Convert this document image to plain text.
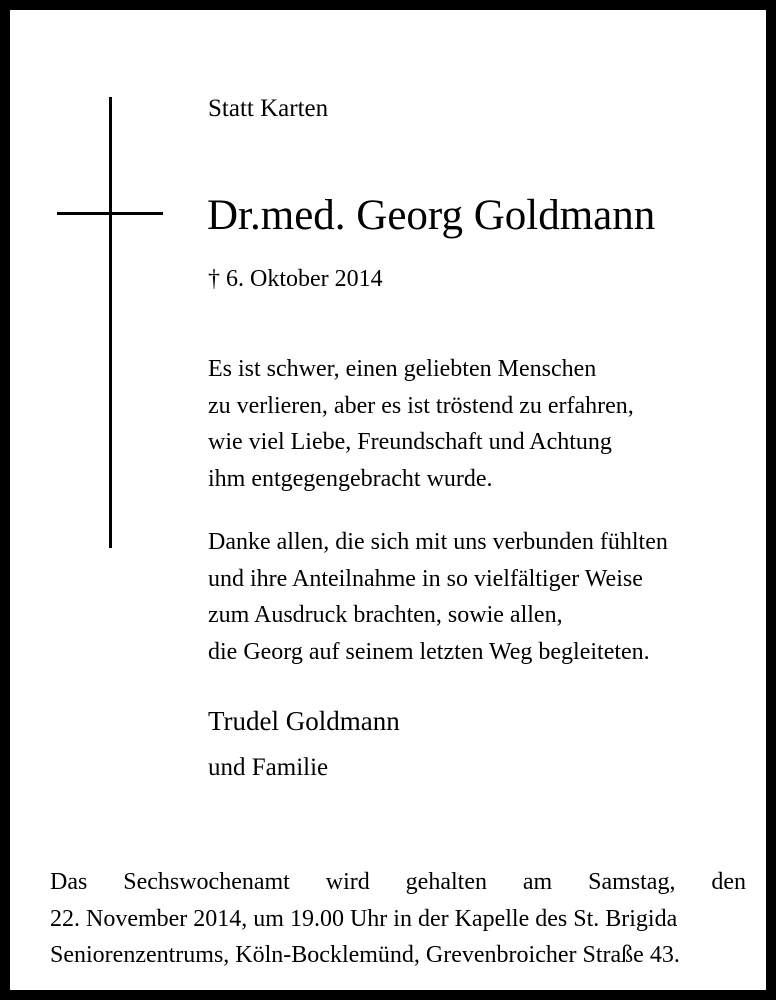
Statt Karten
Dr.med. Georg Goldmann
† 6. Oktober 2014
Es ist schwer, einen geliebten Menschen
zu verlieren, aber es ist tröstend zu erfahren,
wie viel Liebe, Freundschaft und Achtung
ihm entgegengebracht wurde.
Danke allen, die sich mit uns verbunden fühlten
und ihre Anteilnahme in so vielfältiger Weise
zum Ausdruck brachten, sowie allen,
die Georg auf seinem letzten Weg begleiteten.
Trudel Goldmann
und Familie
Das Sechswochenamt wird gehalten am Samstag, den
22. November 2014, um 19.00 Uhr in der Kapelle des St. Brigida
Seniorenzentrums, Köln-Bocklemünd, Grevenbroicher Straße 43.
